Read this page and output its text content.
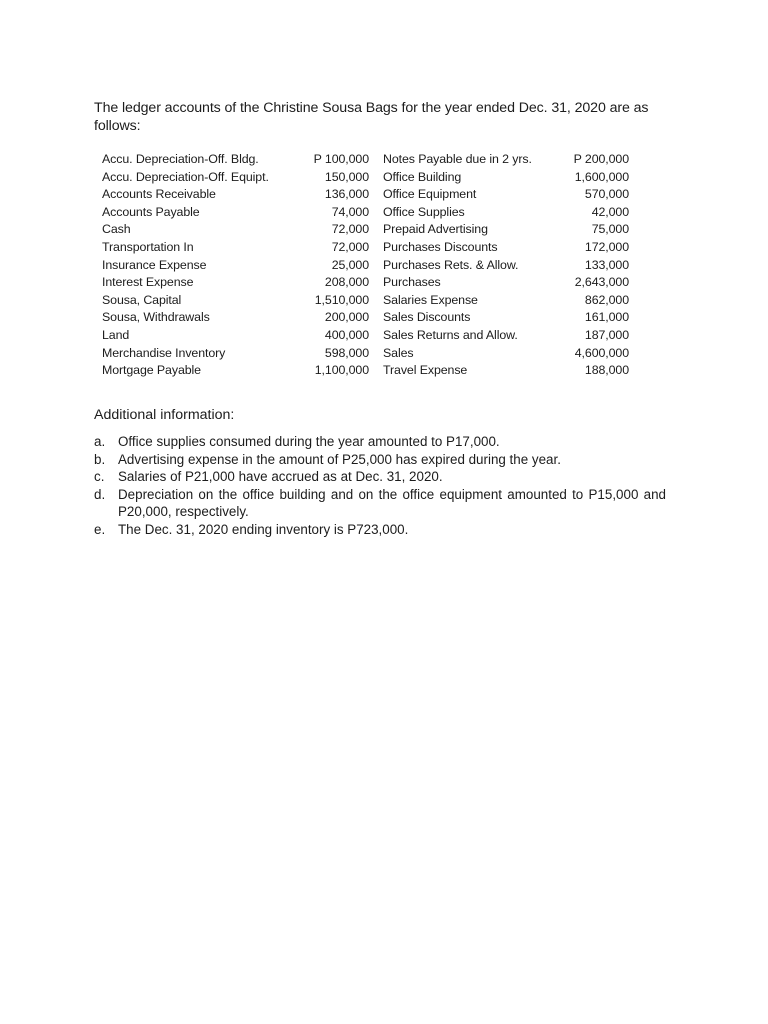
The ledger accounts of the Christine Sousa Bags for the year ended Dec. 31, 2020 are as follows:
Accu. Depreciation-Off. Bldg.	P 100,000 Notes Payable due in 2 yrs.	P 200,000
Accu. Depreciation-Off. Equipt.	150,000 Office Building	1,600,000
Accounts Receivable	136,000 Office Equipment	570,000
Accounts Payable	74,000 Office Supplies	42,000
Cash	72,000 Prepaid Advertising	75,000
Transportation In	72,000 Purchases Discounts	172,000
Insurance Expense	25,000 Purchases Rets. & Allow.	133,000
Interest Expense	208,000 Purchases	2,643,000
Sousa, Capital	1,510,000 Salaries Expense	862,000
Sousa, Withdrawals	200,000 Sales Discounts	161,000
Land	400,000 Sales Returns and Allow.	187,000
Merchandise Inventory	598,000 Sales	4,600,000
Mortgage Payable	1,100,000 Travel Expense	188,000
Additional information:
a. Office supplies consumed during the year amounted to P17,000.
b. Advertising expense in the amount of P25,000 has expired during the year.
c. Salaries of P21,000 have accrued as at Dec. 31, 2020.
d. Depreciation on the office building and on the office equipment amounted to P15,000 and P20,000, respectively.
e. The Dec. 31, 2020 ending inventory is P723,000.
